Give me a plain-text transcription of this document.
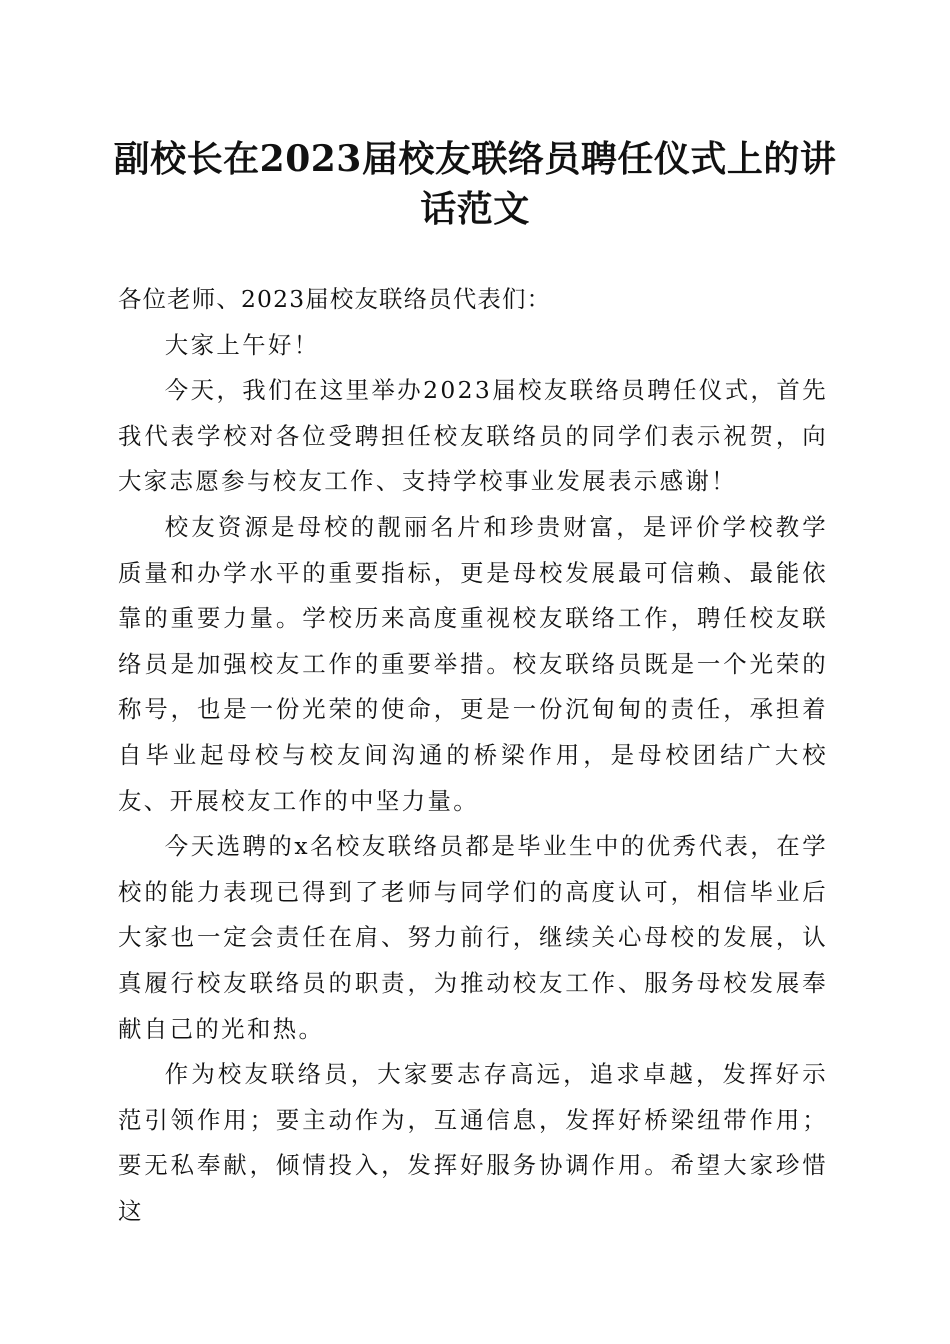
副校长在2023届校友联络员聘任仪式上的讲话范文

各位老师、2023届校友联络员代表们：

大家上午好！

今天，我们在这里举办2023届校友联络员聘任仪式，首先我代表学校对各位受聘担任校友联络员的同学们表示祝贺，向大家志愿参与校友工作、支持学校事业发展表示感谢！

校友资源是母校的靓丽名片和珍贵财富，是评价学校教学质量和办学水平的重要指标，更是母校发展最可信赖、最能依靠的重要力量。学校历来高度重视校友联络工作，聘任校友联络员是加强校友工作的重要举措。校友联络员既是一个光荣的称号，也是一份光荣的使命，更是一份沉甸甸的责任，承担着自毕业起母校与校友间沟通的桥梁作用，是母校团结广大校友、开展校友工作的中坚力量。

今天选聘的x名校友联络员都是毕业生中的优秀代表，在学校的能力表现已得到了老师与同学们的高度认可，相信毕业后大家也一定会责任在肩、努力前行，继续关心母校的发展，认真履行校友联络员的职责，为推动校友工作、服务母校发展奉献自己的光和热。

作为校友联络员，大家要志存高远，追求卓越，发挥好示范引领作用；要主动作为，互通信息，发挥好桥梁纽带作用；要无私奉献，倾情投入，发挥好服务协调作用。希望大家珍惜这
